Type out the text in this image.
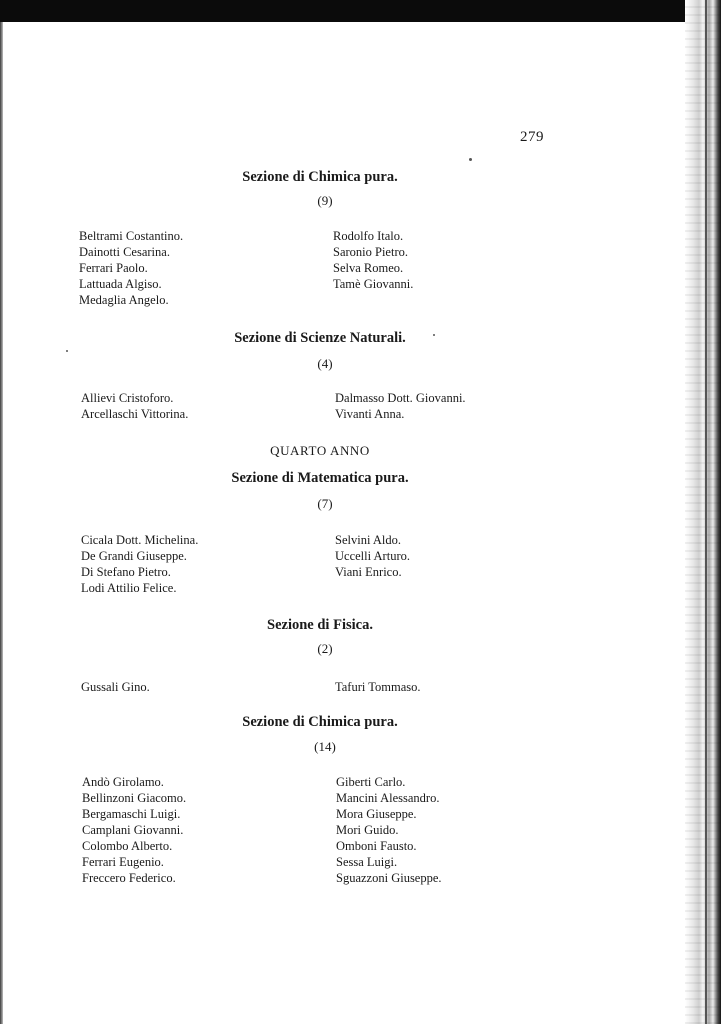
279
Sezione di Chimica pura.
(9)
Beltrami Costantino.
Dainotti Cesarina.
Ferrari Paolo.
Lattuada Algiso.
Medaglia Angelo.
Rodolfo Italo.
Saronio Pietro.
Selva Romeo.
Tamè Giovanni.
Sezione di Scienze Naturali.
(4)
Allievi Cristoforo.
Arcellaschi Vittorina.
Dalmasso Dott. Giovanni.
Vivanti Anna.
QUARTO ANNO
Sezione di Matematica pura.
(7)
Cicala Dott. Michelina.
De Grandi Giuseppe.
Di Stefano Pietro.
Lodi Attilio Felice.
Selvini Aldo.
Uccelli Arturo.
Viani Enrico.
Sezione di Fisica.
(2)
Gussali Gino.	Tafuri Tommaso.
Sezione di Chimica pura.
(14)
Andò Girolamo.
Bellinzoni Giacomo.
Bergamaschi Luigi.
Camplani Giovanni.
Colombo Alberto.
Ferrari Eugenio.
Freccero Federico.
Giberti Carlo.
Mancini Alessandro.
Mora Giuseppe.
Mori Guido.
Omboni Fausto.
Sessa Luigi.
Sguazzoni Giuseppe.
